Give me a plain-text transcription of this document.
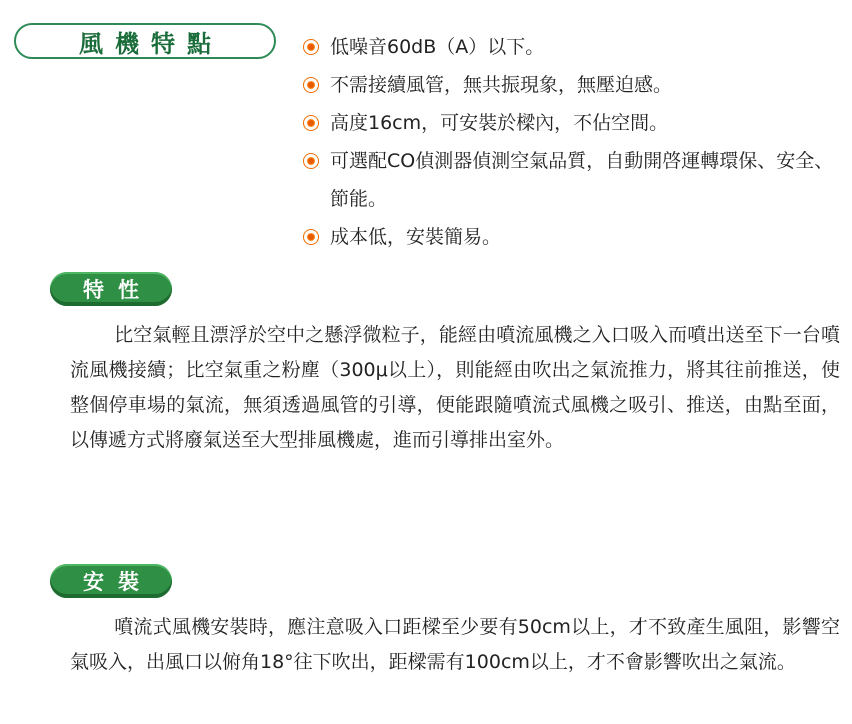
風機特點	低噪音60dB（A）以下。
不需接續風管，無共振現象，無壓迫感。
高度16cm，可安裝於樑內，不佔空間。
可選配CO偵測器偵測空氣品質，自動開啓運轉環保、安全、節能。
成本低，安裝簡易。
特性
比空氣輕且漂浮於空中之懸浮微粒子，能經由噴流風機之入口吸入而噴出送至下一台噴流風機接續；比空氣重之粉塵（300μ以上），則能經由吹出之氣流推力，將其往前推送，使整個停車場的氣流，無須透過風管的引導，便能跟隨噴流式風機之吸引、推送，由點至面，以傳遞方式將廢氣送至大型排風機處，進而引導排出室外。
安裝
噴流式風機安裝時，應注意吸入口距樑至少要有50cm以上，才不致產生風阻，影響空氣吸入，出風口以俯角18°往下吹出，距樑需有100cm以上，才不會影響吹出之氣流。
